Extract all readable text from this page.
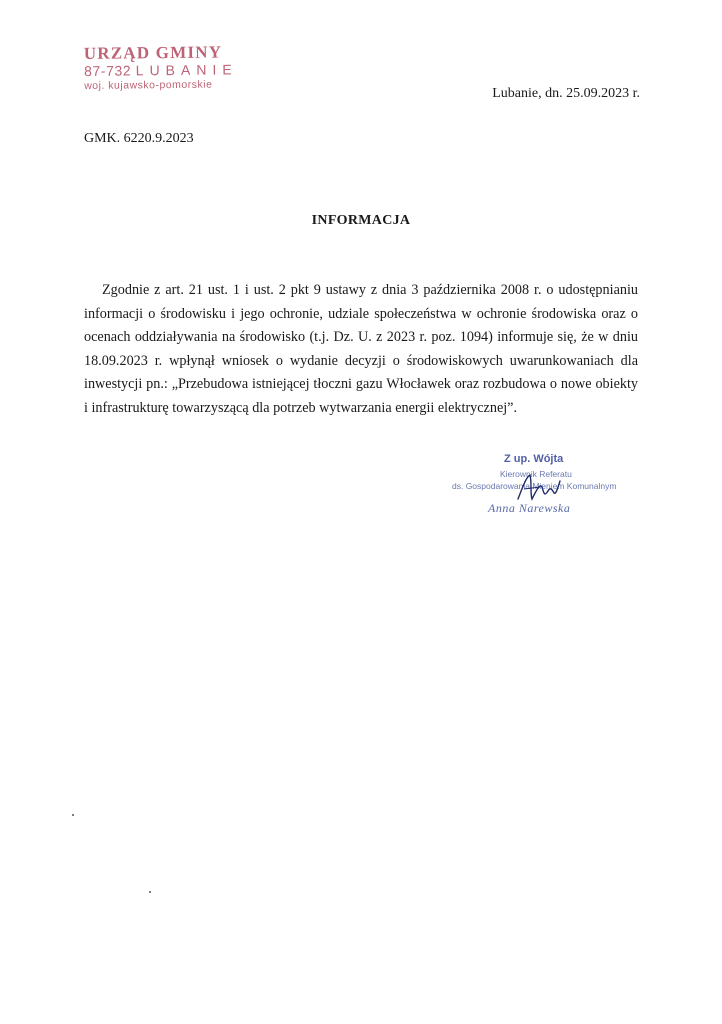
URZĄD GMINY
87-732 LUBANIE
woj. kujawsko-pomorskie
Lubanie, dn. 25.09.2023 r.
GMK. 6220.9.2023
INFORMACJA

Zgodnie z art. 21 ust. 1 i ust. 2 pkt 9 ustawy z dnia 3 października 2008 r. o udostępnianiu informacji o środowisku i jego ochronie, udziale społeczeństwa w ochronie środowiska oraz o ocenach oddziaływania na środowisko (t.j. Dz. U. z 2023 r. poz. 1094) informuje się, że w dniu 18.09.2023 r. wpłynął wniosek o wydanie decyzji o środowiskowych uwarunkowaniach dla inwestycji pn.: „Przebudowa istniejącej tłoczni gazu Włocławek oraz rozbudowa o nowe obiekty i infrastrukturę towarzyszącą dla potrzeb wytwarzania energii elektrycznej”.

Z up. Wójta
Kierownik Referatu
ds. Gospodarowania Mieniem Komunalnym
Anna Narewska
